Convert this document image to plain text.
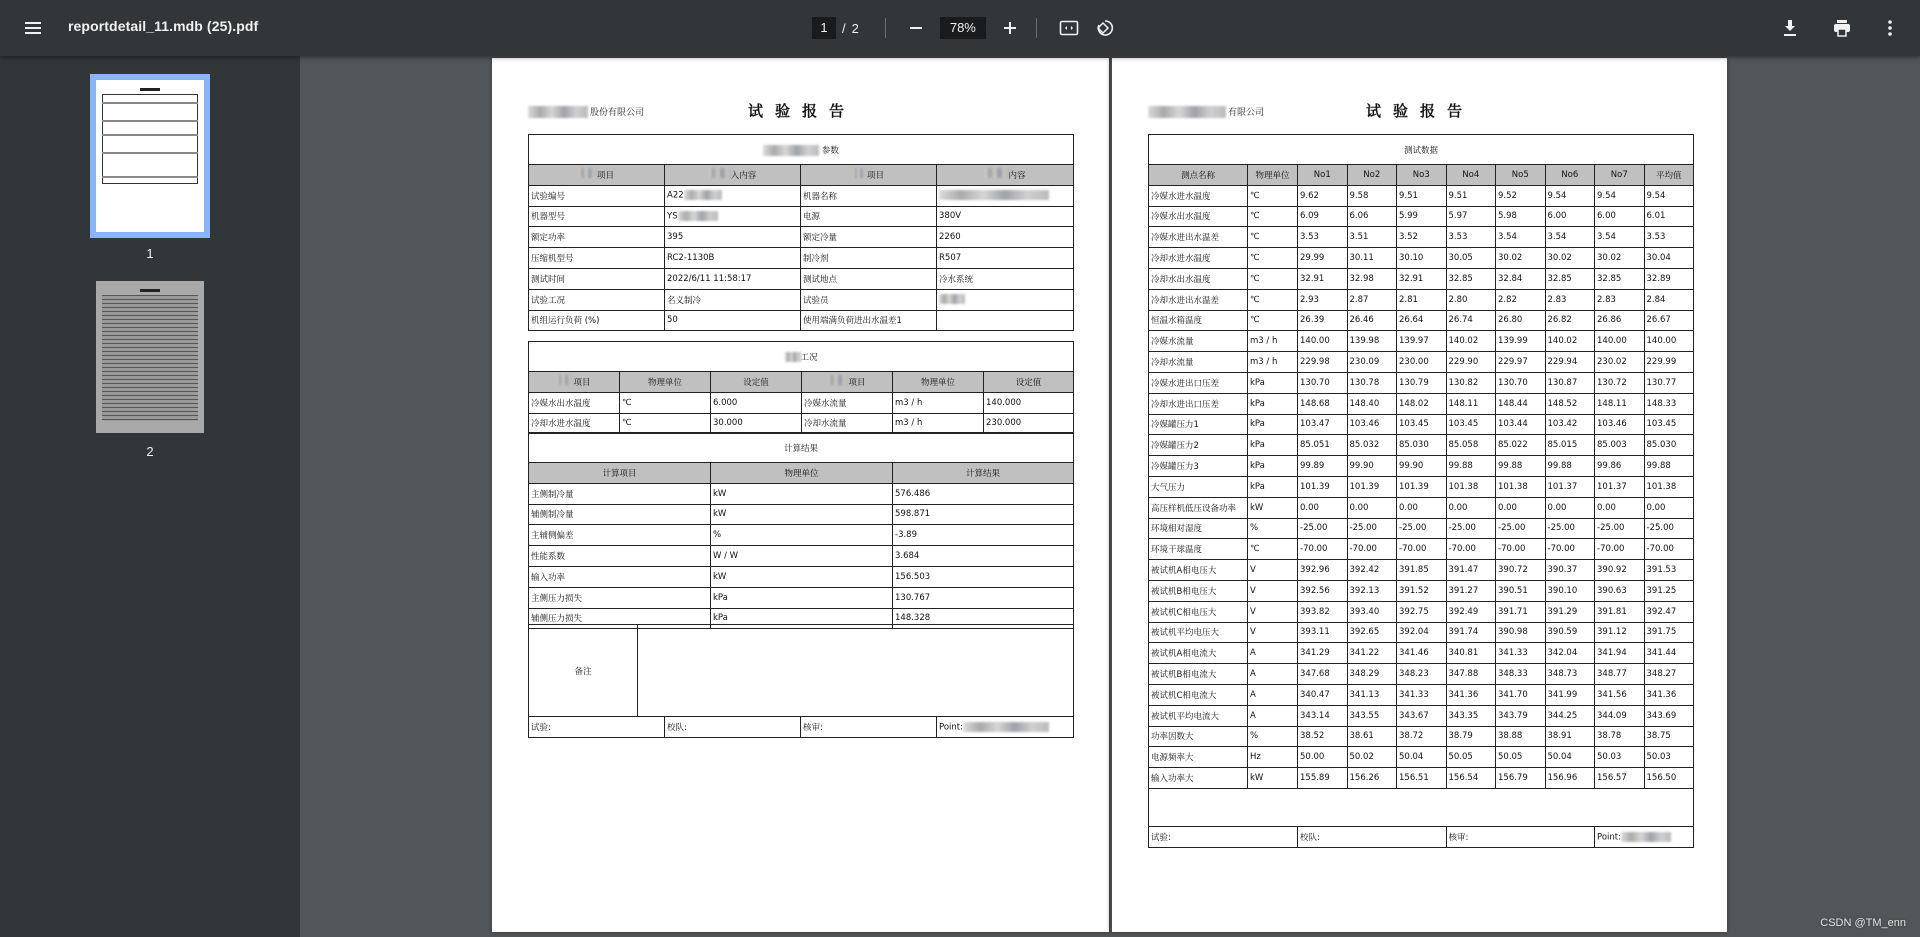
reportdetail_11.mdb (25).pdf	1	/ 2	78%
1
2
股份有限公司	试验报告
参数			
项目	入内容	项目	内容
试验编号	A22	机器名称	
机器型号	YS	电源	380V
额定功率	395	额定冷量	2260
压缩机型号	RC2-1130B	制冷剂	R507
测试时间	2022/6/11 11:58:17	测试地点	冷水系统
试验工况	名义制冷	试验员	
机组运行负荷 (%)	50	使用端满负荷进出水温差1	
工况					
项目	物理单位	设定值	项目	物理单位	设定值
冷媒水出水温度	℃	6.000	冷媒水流量	m3 / h	140.000
冷却水进水温度	℃	30.000	冷却水流量	m3 / h	230.000
计算结果		
计算项目	物理单位	计算结果
主侧制冷量	kW	576.486
辅侧制冷量	kW	598.871
主辅侧偏差	%	-3.89
性能系数	W / W	3.684
输入功率	kW	156.503
主侧压力损失	kPa	130.767
辅侧压力损失	kPa	148.328
备注				
试验:		校队:	核审:	Point:
有限公司	试验报告
测试数据									
测点名称	物理单位	No1	No2	No3	No4	No5	No6	No7	平均值
冷媒水进水温度	℃	9.62	9.58	9.51	9.51	9.52	9.54	9.54	9.54
冷媒水出水温度	℃	6.09	6.06	5.99	5.97	5.98	6.00	6.00	6.01
冷媒水进出水温差	℃	3.53	3.51	3.52	3.53	3.54	3.54	3.54	3.53
冷却水进水温度	℃	29.99	30.11	30.10	30.05	30.02	30.02	30.02	30.04
冷却水出水温度	℃	32.91	32.98	32.91	32.85	32.84	32.85	32.85	32.89
冷却水进出水温差	℃	2.93	2.87	2.81	2.80	2.82	2.83	2.83	2.84
恒温水箱温度	℃	26.39	26.46	26.64	26.74	26.80	26.82	26.86	26.67
冷媒水流量	m3 / h	140.00	139.98	139.97	140.02	139.99	140.02	140.00	140.00
冷却水流量	m3 / h	229.98	230.09	230.00	229.90	229.97	229.94	230.02	229.99
冷媒水进出口压差	kPa	130.70	130.78	130.79	130.82	130.70	130.87	130.72	130.77
冷却水进出口压差	kPa	148.68	148.40	148.02	148.11	148.44	148.52	148.11	148.33
冷媒罐压力1	kPa	103.47	103.46	103.45	103.45	103.44	103.42	103.46	103.45
冷媒罐压力2	kPa	85.051	85.032	85.030	85.058	85.022	85.015	85.003	85.030
冷媒罐压力3	kPa	99.89	99.90	99.90	99.88	99.88	99.88	99.86	99.88
大气压力	kPa	101.39	101.39	101.39	101.38	101.38	101.37	101.37	101.38
高压样机低压设备功率	kW	0.00	0.00	0.00	0.00	0.00	0.00	0.00	0.00
环境相对湿度	%	-25.00	-25.00	-25.00	-25.00	-25.00	-25.00	-25.00	-25.00
环境干球温度	℃	-70.00	-70.00	-70.00	-70.00	-70.00	-70.00	-70.00	-70.00
被试机A相电压大	V	392.96	392.42	391.85	391.47	390.72	390.37	390.92	391.53
被试机B相电压大	V	392.56	392.13	391.52	391.27	390.51	390.10	390.63	391.25
被试机C相电压大	V	393.82	393.40	392.75	392.49	391.71	391.29	391.81	392.47
被试机平均电压大	V	393.11	392.65	392.04	391.74	390.98	390.59	391.12	391.75
被试机A相电流大	A	341.29	341.22	341.46	340.81	341.33	342.04	341.94	341.44
被试机B相电流大	A	347.68	348.29	348.23	347.88	348.33	348.73	348.77	348.27
被试机C相电流大	A	340.47	341.13	341.33	341.36	341.70	341.99	341.56	341.36
被试机平均电流大	A	343.14	343.55	343.67	343.35	343.79	344.25	344.09	343.69
功率因数大	%	38.52	38.61	38.72	38.79	38.88	38.91	38.78	38.75
电源频率大	Hz	50.00	50.02	50.04	50.05	50.05	50.04	50.03	50.03
输入功率大	kW	155.89	156.26	156.51	156.54	156.79	156.96	156.57	156.50

试验:		校队:			核审:			Point:	
CSDN @TM_enn
